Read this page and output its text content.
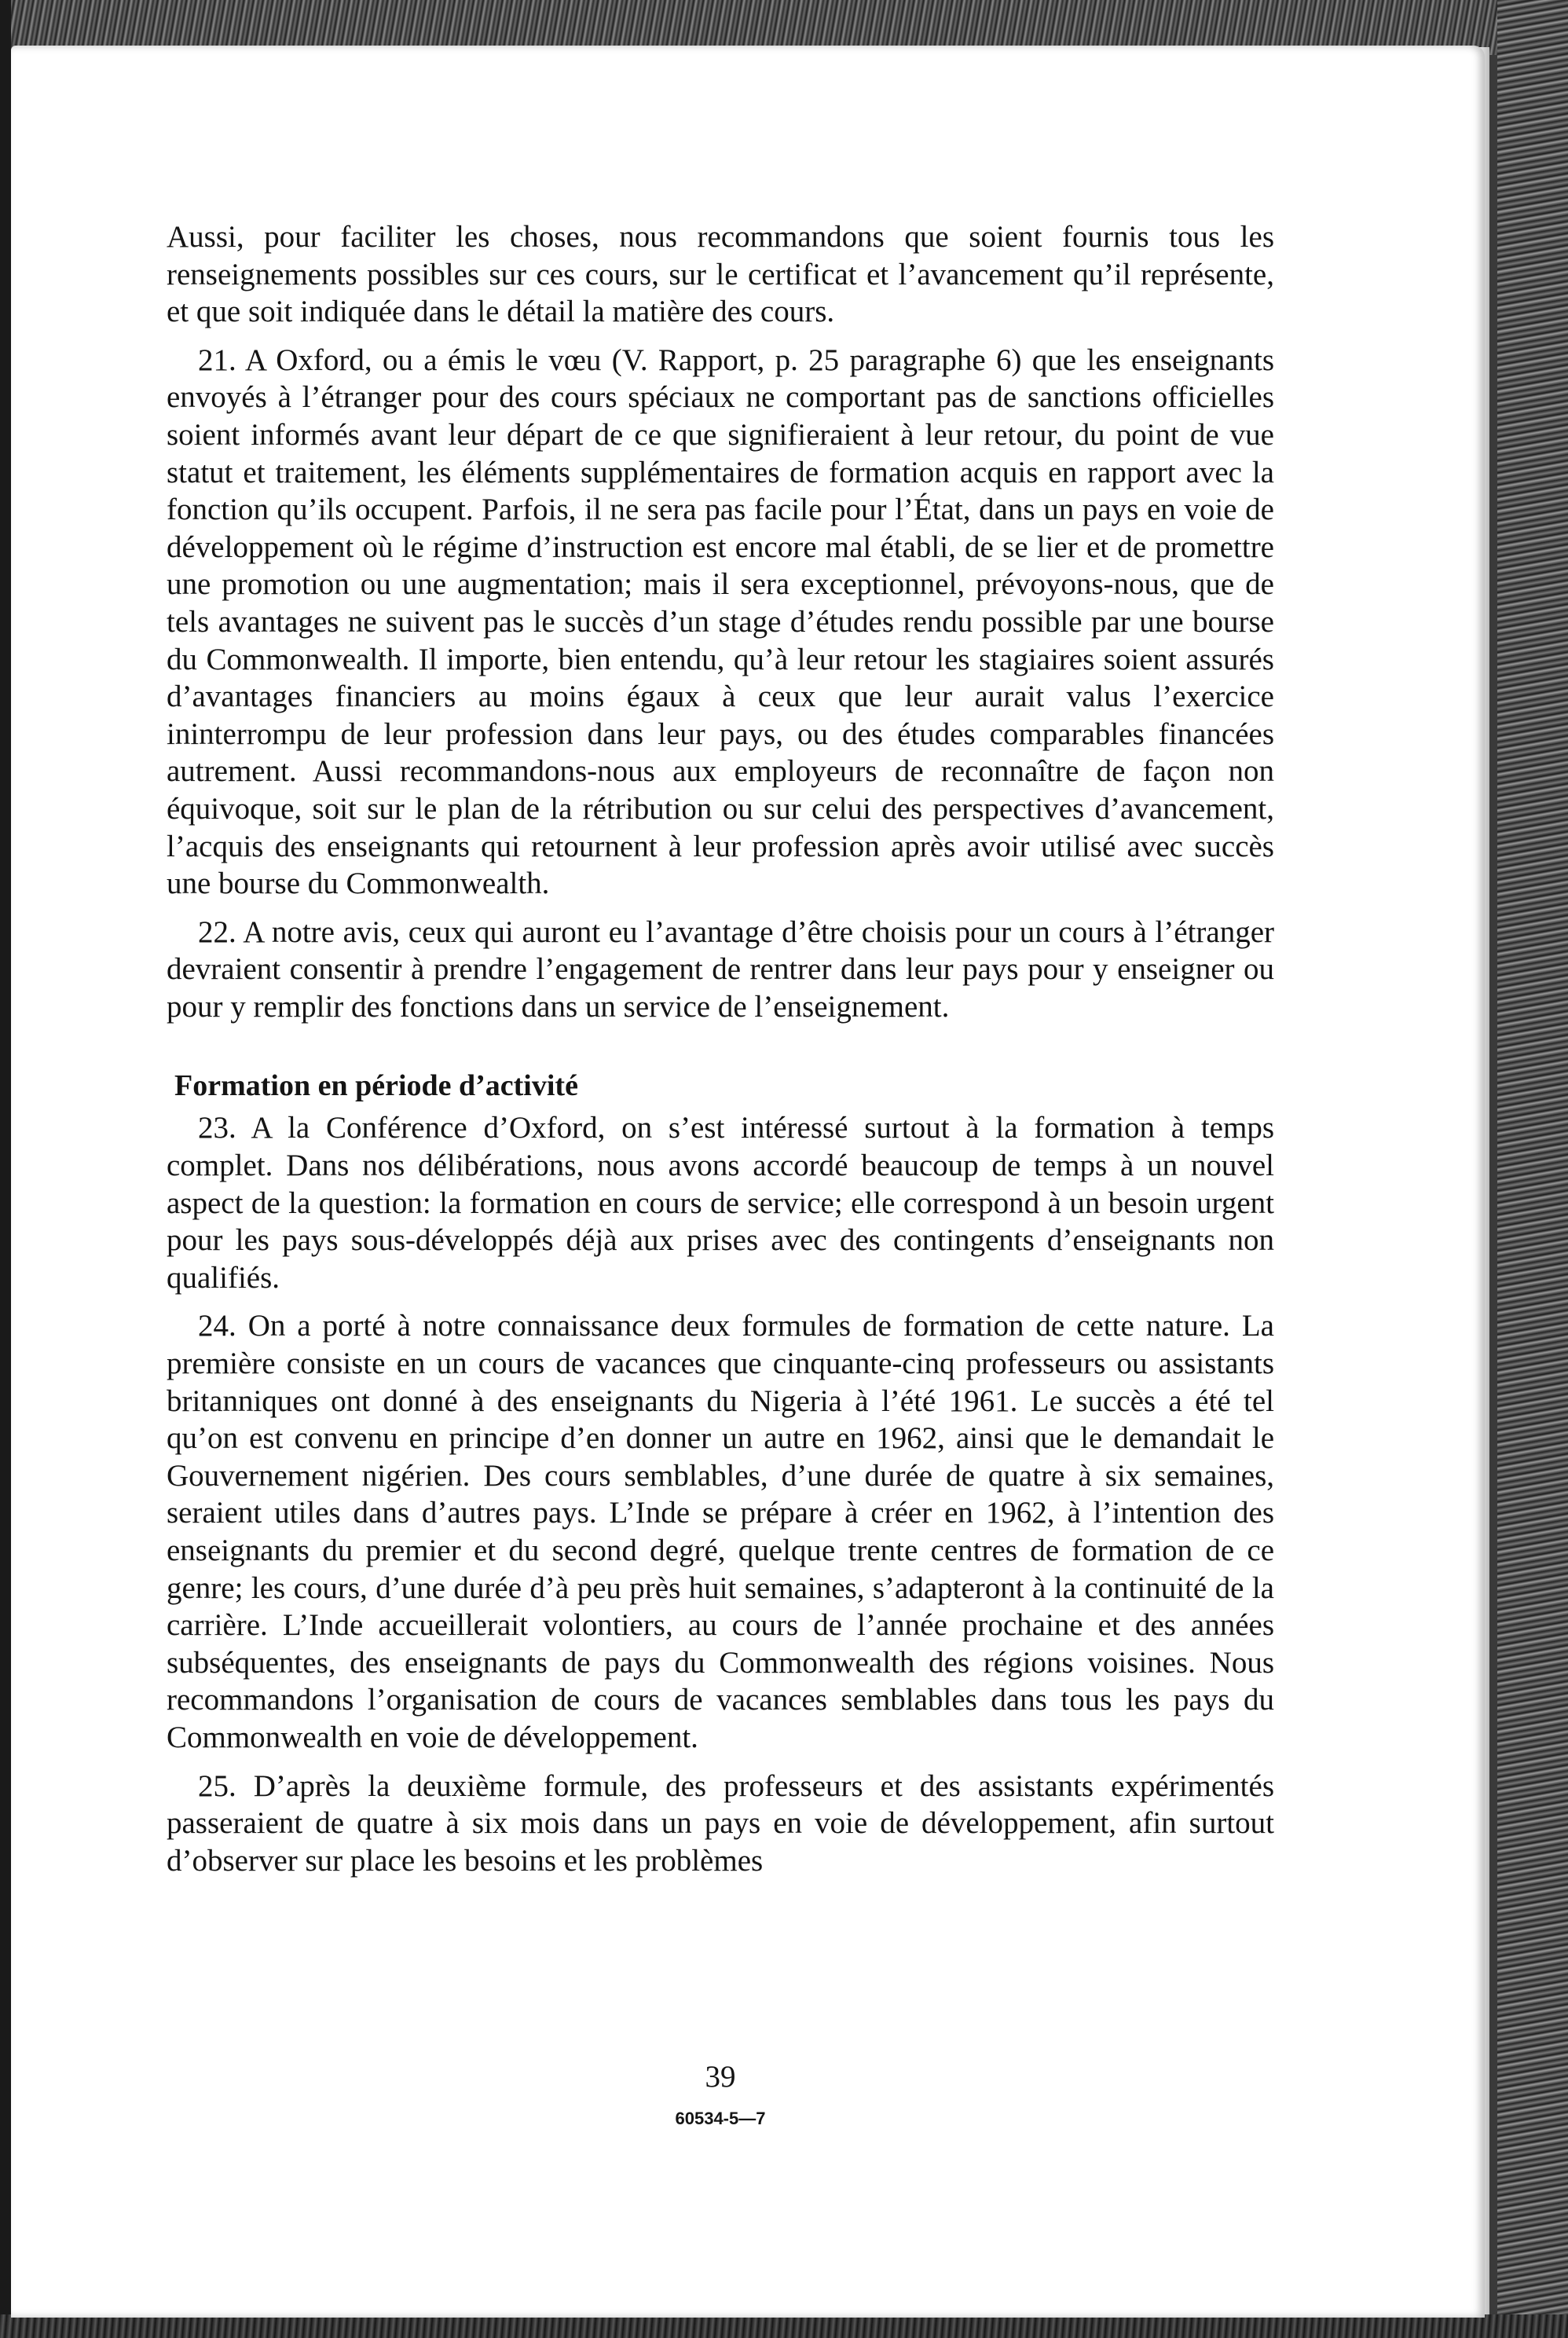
Aussi, pour faciliter les choses, nous recommandons que soient fournis tous les renseignements possibles sur ces cours, sur le certificat et l’avancement qu’il représente, et que soit indiquée dans le détail la matière des cours.

21. A Oxford, ou a émis le vœu (V. Rapport, p. 25 paragraphe 6) que les enseignants envoyés à l’étranger pour des cours spéciaux ne comportant pas de sanctions officielles soient informés avant leur départ de ce que signifieraient à leur retour, du point de vue statut et traitement, les éléments supplémentaires de formation acquis en rapport avec la fonction qu’ils occupent. Parfois, il ne sera pas facile pour l’État, dans un pays en voie de développement où le régime d’instruction est encore mal établi, de se lier et de promettre une promotion ou une augmentation; mais il sera exceptionnel, prévoyons-nous, que de tels avantages ne suivent pas le succès d’un stage d’études rendu possible par une bourse du Commonwealth. Il importe, bien entendu, qu’à leur retour les stagiaires soient assurés d’avantages financiers au moins égaux à ceux que leur aurait valus l’exercice ininterrompu de leur profession dans leur pays, ou des études comparables financées autrement. Aussi recommandons-nous aux employeurs de reconnaître de façon non équivoque, soit sur le plan de la rétribution ou sur celui des perspectives d’avancement, l’acquis des enseignants qui retournent à leur profession après avoir utilisé avec succès une bourse du Commonwealth.

22. A notre avis, ceux qui auront eu l’avantage d’être choisis pour un cours à l’étranger devraient consentir à prendre l’engagement de rentrer dans leur pays pour y enseigner ou pour y remplir des fonctions dans un service de l’enseignement.

Formation en période d’activité

23. A la Conférence d’Oxford, on s’est intéressé surtout à la formation à temps complet. Dans nos délibérations, nous avons accordé beaucoup de temps à un nouvel aspect de la question: la formation en cours de service; elle correspond à un besoin urgent pour les pays sous-développés déjà aux prises avec des contingents d’enseignants non qualifiés.

24. On a porté à notre connaissance deux formules de formation de cette nature. La première consiste en un cours de vacances que cinquante-cinq professeurs ou assistants britanniques ont donné à des enseignants du Nigeria à l’été 1961. Le succès a été tel qu’on est convenu en principe d’en donner un autre en 1962, ainsi que le demandait le Gouvernement nigérien. Des cours semblables, d’une durée de quatre à six semaines, seraient utiles dans d’autres pays. L’Inde se prépare à créer en 1962, à l’intention des enseignants du premier et du second degré, quelque trente centres de formation de ce genre; les cours, d’une durée d’à peu près huit semaines, s’adapteront à la continuité de la carrière. L’Inde accueillerait volontiers, au cours de l’année prochaine et des années subséquentes, des enseignants de pays du Commonwealth des régions voisines. Nous recommandons l’organisation de cours de vacances semblables dans tous les pays du Commonwealth en voie de développement.

25. D’après la deuxième formule, des professeurs et des assistants expérimentés passeraient de quatre à six mois dans un pays en voie de développement, afin surtout d’observer sur place les besoins et les problèmes

39
60534-5—7
